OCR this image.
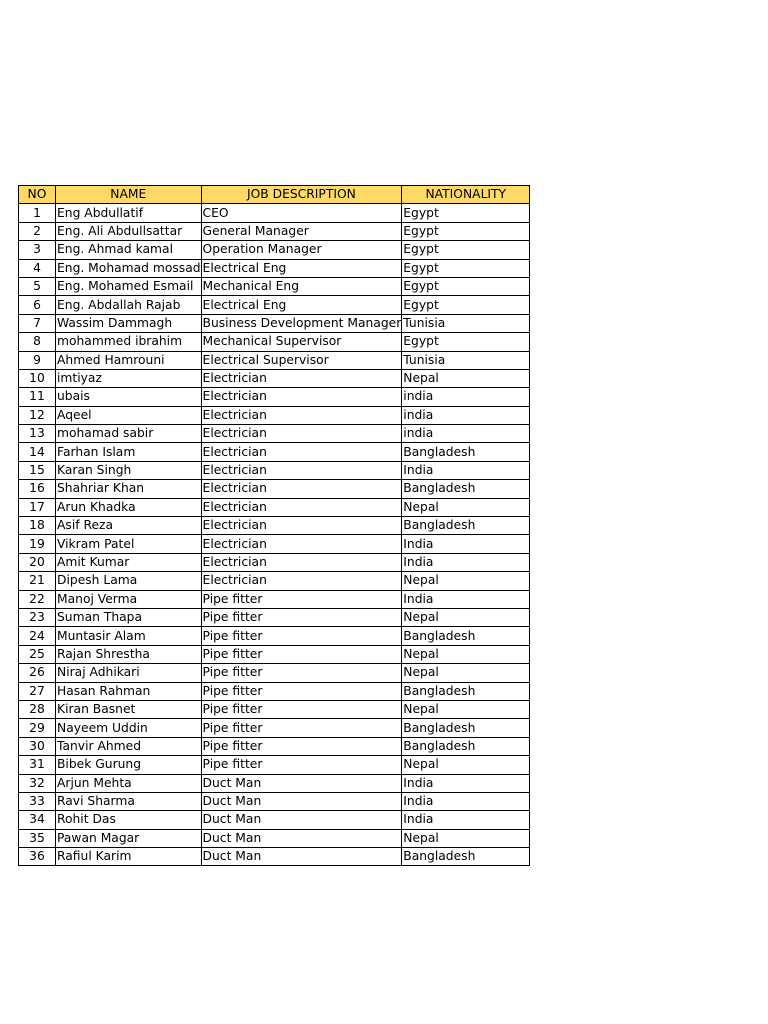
NO	NAME	JOB DESCRIPTION	NATIONALITY
1	Eng Abdullatif	CEO	Egypt
2	Eng. Ali Abdullsattar	General Manager	Egypt
3	Eng. Ahmad kamal	Operation Manager	Egypt
4	Eng. Mohamad mossad	Electrical Eng	Egypt
5	Eng. Mohamed Esmail	Mechanical Eng	Egypt
6	Eng. Abdallah Rajab	Electrical Eng	Egypt
7	Wassim Dammagh	Business Development Manager	Tunisia
8	mohammed ibrahim	Mechanical Supervisor	Egypt
9	Ahmed Hamrouni	Electrical Supervisor	Tunisia
10	imtiyaz	Electrician	Nepal
11	ubais	Electrician	india
12	Aqeel	Electrician	india
13	mohamad sabir	Electrician	india
14	Farhan Islam	Electrician	Bangladesh
15	Karan Singh	Electrician	India
16	Shahriar Khan	Electrician	Bangladesh
17	Arun Khadka	Electrician	Nepal
18	Asif Reza	Electrician	Bangladesh
19	Vikram Patel	Electrician	India
20	Amit Kumar	Electrician	India
21	Dipesh Lama	Electrician	Nepal
22	Manoj Verma	Pipe fitter	India
23	Suman Thapa	Pipe fitter	Nepal
24	Muntasir Alam	Pipe fitter	Bangladesh
25	Rajan Shrestha	Pipe fitter	Nepal
26	Niraj Adhikari	Pipe fitter	Nepal
27	Hasan Rahman	Pipe fitter	Bangladesh
28	Kiran Basnet	Pipe fitter	Nepal
29	Nayeem Uddin	Pipe fitter	Bangladesh
30	Tanvir Ahmed	Pipe fitter	Bangladesh
31	Bibek Gurung	Pipe fitter	Nepal
32	Arjun Mehta	Duct Man	India
33	Ravi Sharma	Duct Man	India
34	Rohit Das	Duct Man	India
35	Pawan Magar	Duct Man	Nepal
36	Rafiul Karim	Duct Man	Bangladesh
